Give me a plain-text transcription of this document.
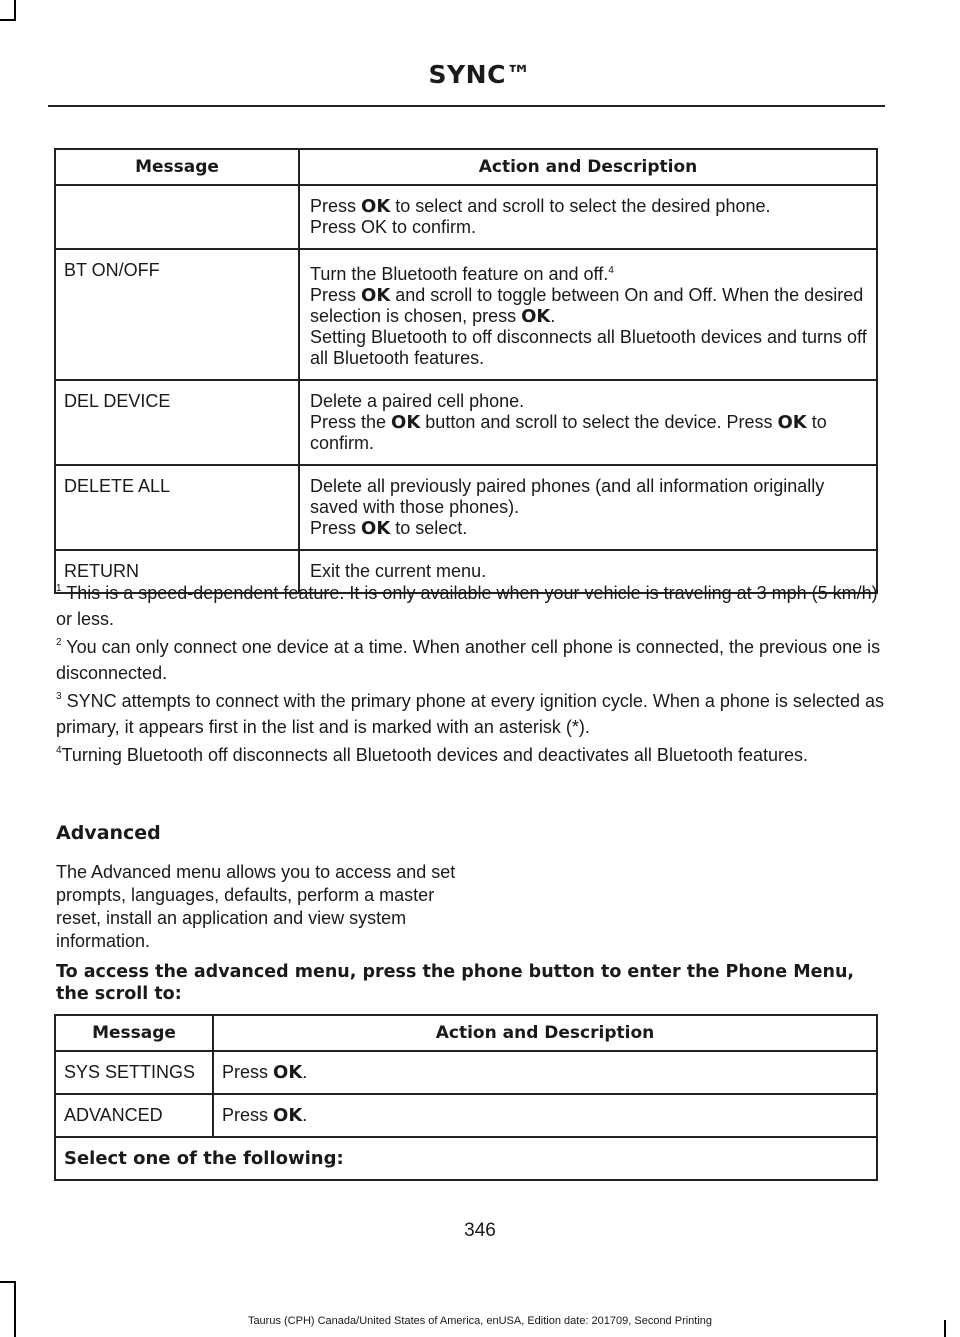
SYNC™
Message	Action and Description

	Press OK to select and scroll to select the desired phone.
Press OK to confirm.

BT ON/OFF	Turn the Bluetooth feature on and off.$^4$
Press OK and scroll to toggle between On and Off. When the desired selection is chosen, press OK.
Setting Bluetooth to off disconnects all Bluetooth devices and turns off all Bluetooth features.

DEL DEVICE	Delete a paired cell phone.
Press the OK button and scroll to select the device. Press OK to confirm.

DELETE ALL	Delete all previously paired phones (and all information originally saved with those phones).
Press OK to select.

RETURN	Exit the current menu.

$^1$ This is a speed-dependent feature. It is only available when your vehicle is traveling at 3 mph (5 km/h) or less.

$^2$ You can only connect one device at a time. When another cell phone is connected, the previous one is disconnected.

$^3$ SYNC attempts to connect with the primary phone at every ignition cycle. When a phone is selected as primary, it appears first in the list and is marked with an asterisk (*).

$^4$Turning Bluetooth off disconnects all Bluetooth devices and deactivates all Bluetooth features.

Advanced
The Advanced menu allows you to access and set prompts, languages, defaults, perform a master reset, install an application and view system information.
To access the advanced menu, press the phone button to enter the Phone Menu, the scroll to:
Message	Action and Description
SYS SETTINGS	Press OK.
ADVANCED	Press OK.
Select one of the following:	
346
Taurus (CPH) Canada/United States of America, enUSA, Edition date: 201709, Second Printing
